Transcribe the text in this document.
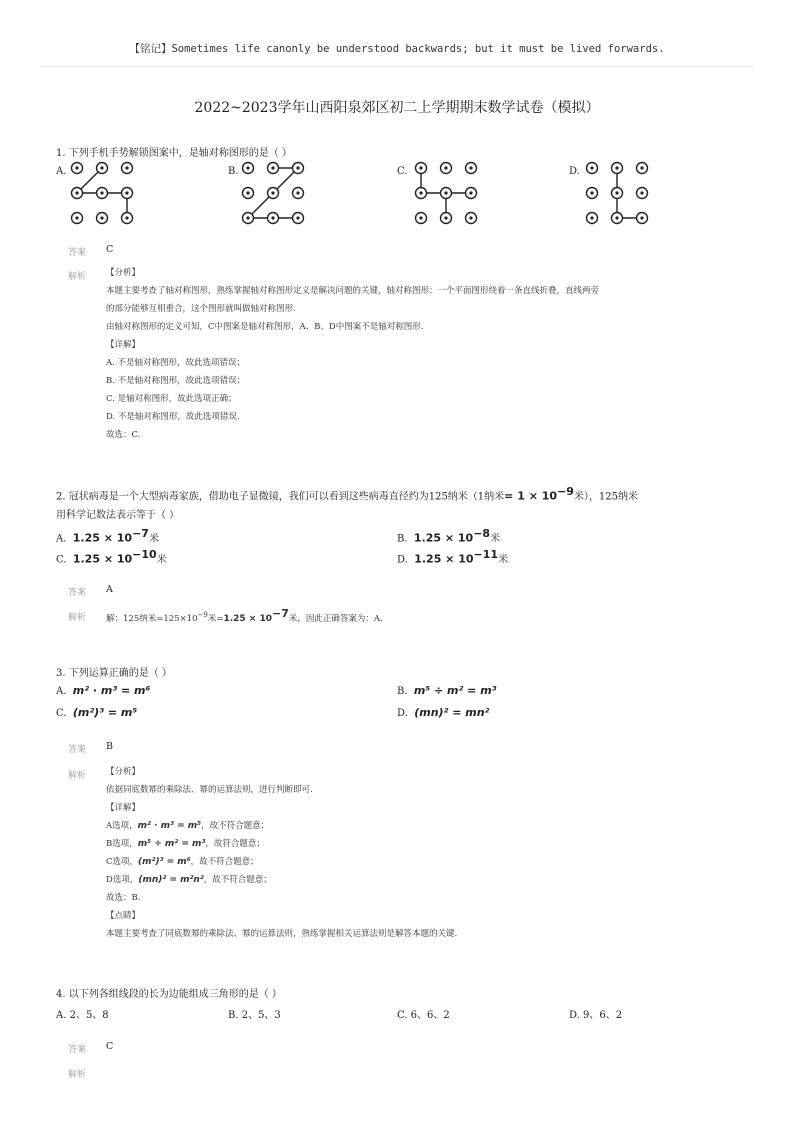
【铭记】Sometimes life canonly be understood backwards; but it must be lived forwards.
2022~2023学年山西阳泉郊区初二上学期期末数学试卷（模拟）
1. 下列手机手势解锁图案中，是轴对称图形的是（ ）
A.	B.	C.	D.
答案 C
解析 【分析】
本题主要考查了轴对称图形，熟练掌握轴对称图形定义是解决问题的关键，轴对称图形：一个平面图形绕着一条直线折叠，直线两旁
的部分能够互相重合，这个图形就叫做轴对称图形.
由轴对称图形的定义可知，C中图案是轴对称图形，A、B、D中图案不是轴对称图形.
【详解】
A. 不是轴对称图形，故此选项错误；
B. 不是轴对称图形，故此选项错误；
C. 是轴对称图形，故此选项正确；
D. 不是轴对称图形，故此选项错误.
故选：C.
2. 冠状病毒是一个大型病毒家族，借助电子显微镜，我们可以看到这些病毒直径约为125纳米（1纳米= $1 \times 10^{-9}$米），125纳米
用科学记数法表示等于（ ）
A. $1.25 \times 10^{-7}$米	B. $1.25 \times 10^{-8}$米
C. $1.25 \times 10^{-10}$米	D. $1.25 \times 10^{-11}$米
答案 A
解析 解：125纳米$=125\times 10^{-9}$米$=1.25 \times 10^{-7}$米，因此正确答案为：A.
3. 下列运算正确的是（ ）
A. m² · m³ = m⁶	B. m⁵ ÷ m² = m³
C. (m²)³ = m⁵	D. (mn)² = mn²
答案 B
解析 【分析】
依据同底数幂的乘除法、幂的运算法则，进行判断即可.
【详解】
A选项，m² · m³ = m⁵，故不符合题意；
B选项，m⁵ ÷ m² = m³，故符合题意；
C选项，(m²)³ = m⁶，故不符合题意；
D选项，(mn)² = m²n²，故不符合题意；
故选：B.
【点睛】
本题主要考查了同底数幂的乘除法、幂的运算法则，熟练掌握相关运算法则是解答本题的关键.
4. 以下列各组线段的长为边能组成三角形的是（ ）
A. 2、5、8	B. 2、5、3	C. 6、6、2	D. 9、6、2
答案 C
解析
